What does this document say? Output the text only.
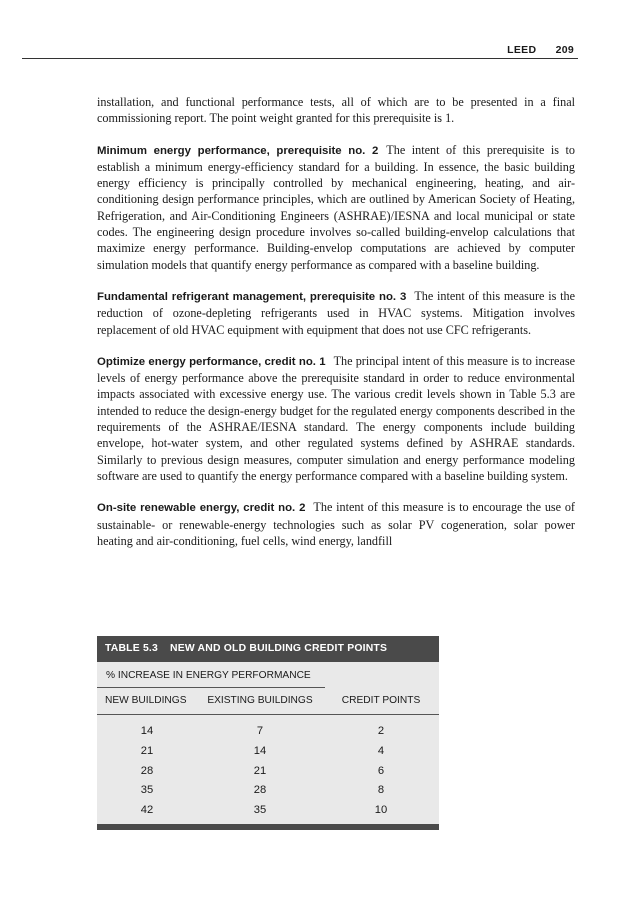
LEED 209

installation, and functional performance tests, all of which are to be presented in a final commissioning report. The point weight granted for this prerequisite is 1.

Minimum energy performance, prerequisite no. 2 The intent of this prerequisite is to establish a minimum energy-efficiency standard for a building. In essence, the basic building energy efficiency is principally controlled by mechanical engineering, heating, and air-conditioning design performance principles, which are outlined by American Society of Heating, Refrigeration, and Air-Conditioning Engineers (ASHRAE)/IESNA and local municipal or state codes. The engineering design procedure involves so-called building-envelop calculations that maximize energy performance. Building-envelop computations are achieved by computer simulation models that quantify energy performance as compared with a baseline building.

Fundamental refrigerant management, prerequisite no. 3 The intent of this measure is the reduction of ozone-depleting refrigerants used in HVAC systems. Mitigation involves replacement of old HVAC equipment with equipment that does not use CFC refrigerants.

Optimize energy performance, credit no. 1 The principal intent of this measure is to increase levels of energy performance above the prerequisite standard in order to reduce environmental impacts associated with excessive energy use. The various credit levels shown in Table 5.3 are intended to reduce the design-energy budget for the regulated energy components described in the requirements of the ASHRAE/IESNA standard. The energy components include building envelope, hot-water system, and other regulated systems defined by ASHRAE standards. Similarly to previous design measures, computer simulation and energy performance modeling software are used to quantify the energy performance compared with a baseline building system.

On-site renewable energy, credit no. 2 The intent of this measure is to encourage the use of sustainable- or renewable-energy technologies such as solar PV cogeneration, solar power heating and air-conditioning, fuel cells, wind energy, landfill

TABLE 5.3 NEW AND OLD BUILDING CREDIT POINTS
% INCREASE IN ENERGY PERFORMANCE
NEW BUILDINGS	EXISTING BUILDINGS	CREDIT POINTS
14	7	2
21	14	4
28	21	6
35	28	8
42	35	10
